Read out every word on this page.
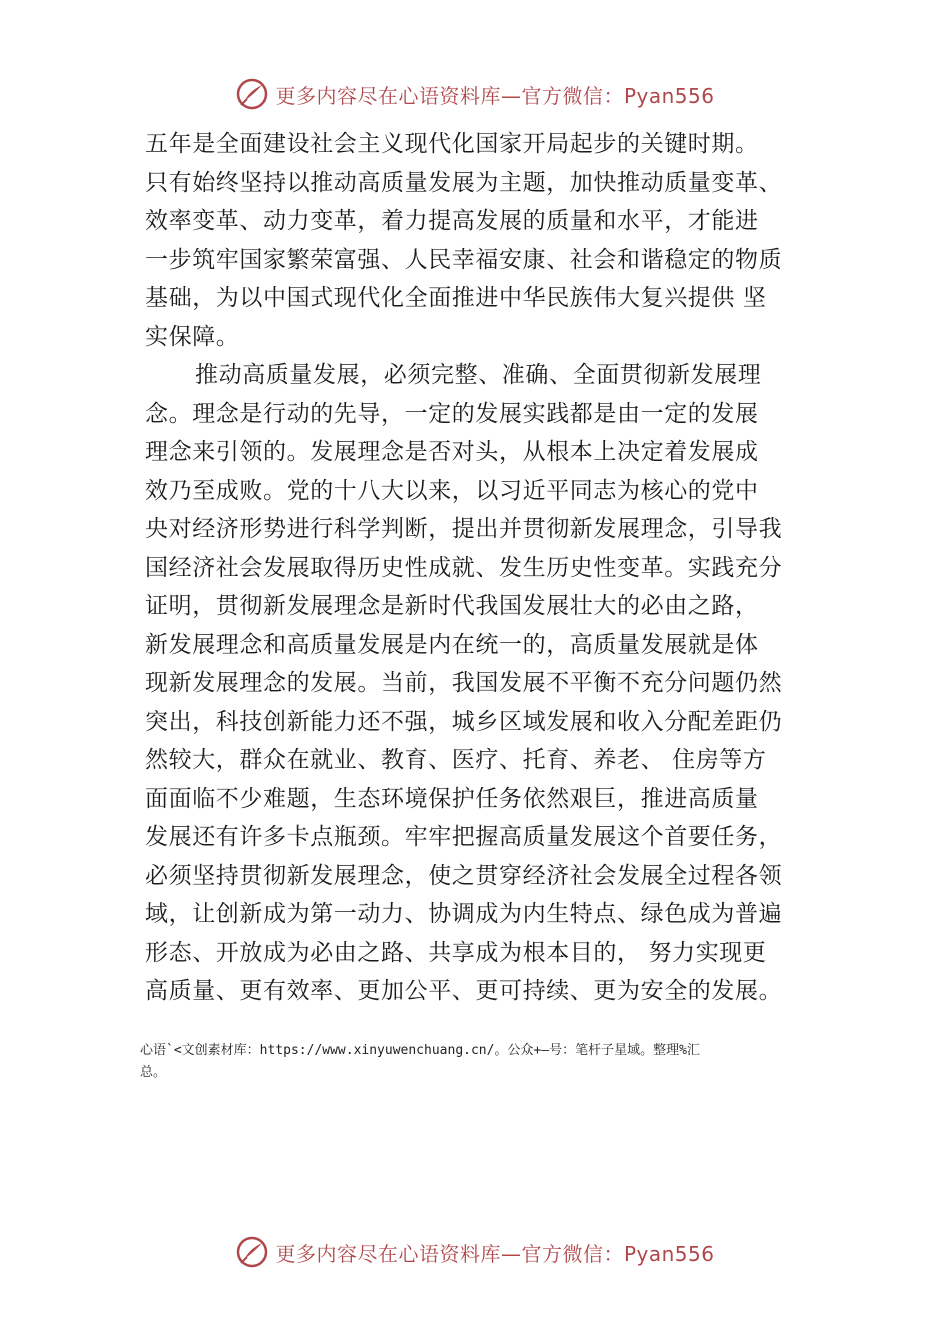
更多内容尽在心语资料库—官方微信：Pyan556
五年是全面建设社会主义现代化国家开局起步的关键时期。
只有始终坚持以推动高质量发展为主题，加快推动质量变革、
效率变革、动力变革，着力提高发展的质量和水平，才能进
一步筑牢国家繁荣富强、人民幸福安康、社会和谐稳定的物质
基础，为以中国式现代化全面推进中华民族伟大复兴提供 坚
实保障。
推动高质量发展，必须完整、准确、全面贯彻新发展理
念。理念是行动的先导，一定的发展实践都是由一定的发展
理念来引领的。发展理念是否对头，从根本上决定着发展成
效乃至成败。党的十八大以来，以习近平同志为核心的党中
央对经济形势进行科学判断，提出并贯彻新发展理念，引导我
国经济社会发展取得历史性成就、发生历史性变革。实践充分
证明，贯彻新发展理念是新时代我国发展壮大的必由之路，
新发展理念和高质量发展是内在统一的，高质量发展就是体
现新发展理念的发展。当前，我国发展不平衡不充分问题仍然
突出，科技创新能力还不强，城乡区域发展和收入分配差距仍
然较大，群众在就业、教育、医疗、托育、养老、 住房等方
面面临不少难题，生态环境保护任务依然艰巨，推进高质量
发展还有许多卡点瓶颈。牢牢把握高质量发展这个首要任务，
必须坚持贯彻新发展理念，使之贯穿经济社会发展全过程各领
域，让创新成为第一动力、协调成为内生特点、绿色成为普遍
形态、开放成为必由之路、共享成为根本目的， 努力实现更
高质量、更有效率、更加公平、更可持续、更为安全的发展。
心语`<文创素材库：https://www.xinyuwenchuang.cn/。公众+—号：笔杆子星域。整理%汇
总。
更多内容尽在心语资料库—官方微信：Pyan556
